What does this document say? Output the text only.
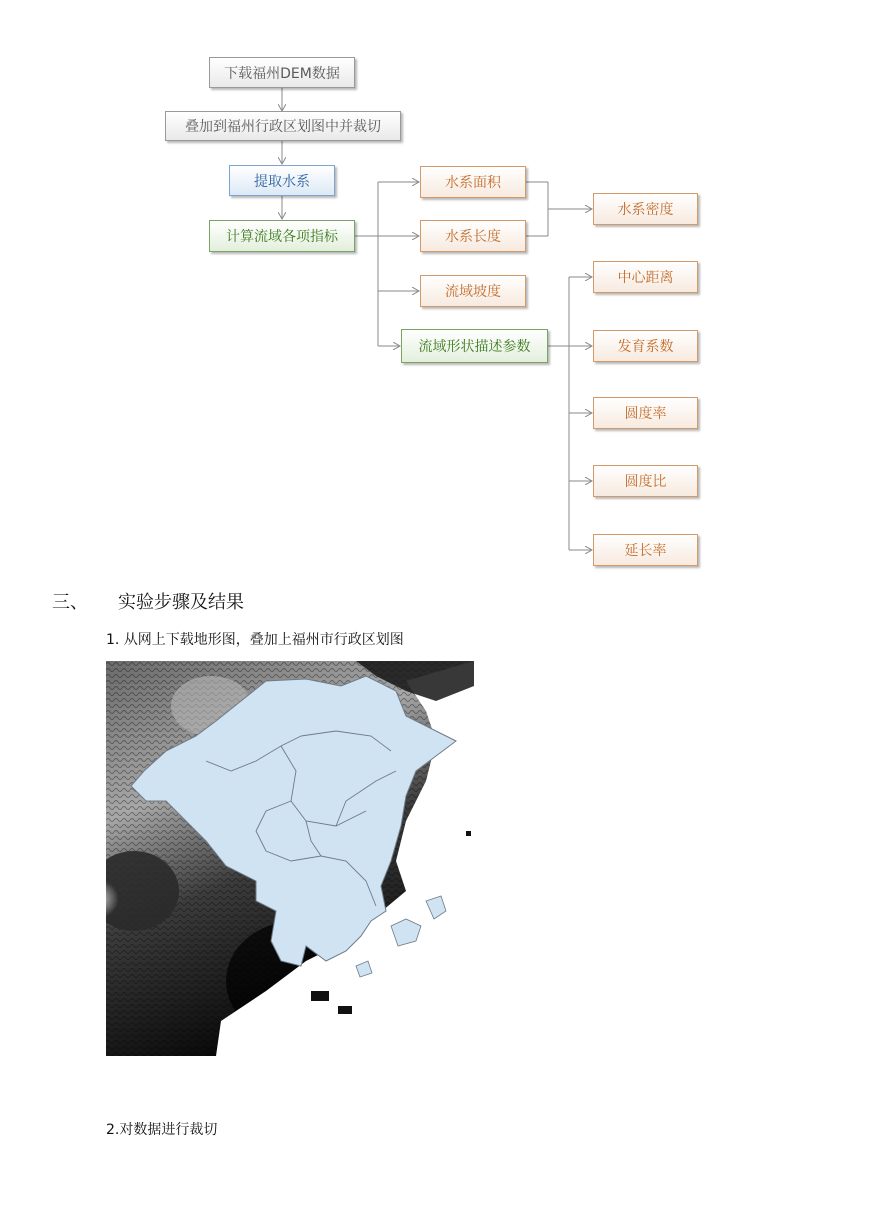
下载福州DEM数据
叠加到福州行政区划图中并裁切
提取水系
计算流域各项指标
水系面积
水系长度
水系密度
流域坡度
流域形状描述参数
中心距离
发育系数
圆度率
圆度比
延长率
三、 实验步骤及结果
1. 从网上下载地形图，叠加上福州市行政区划图
2.对数据进行裁切
